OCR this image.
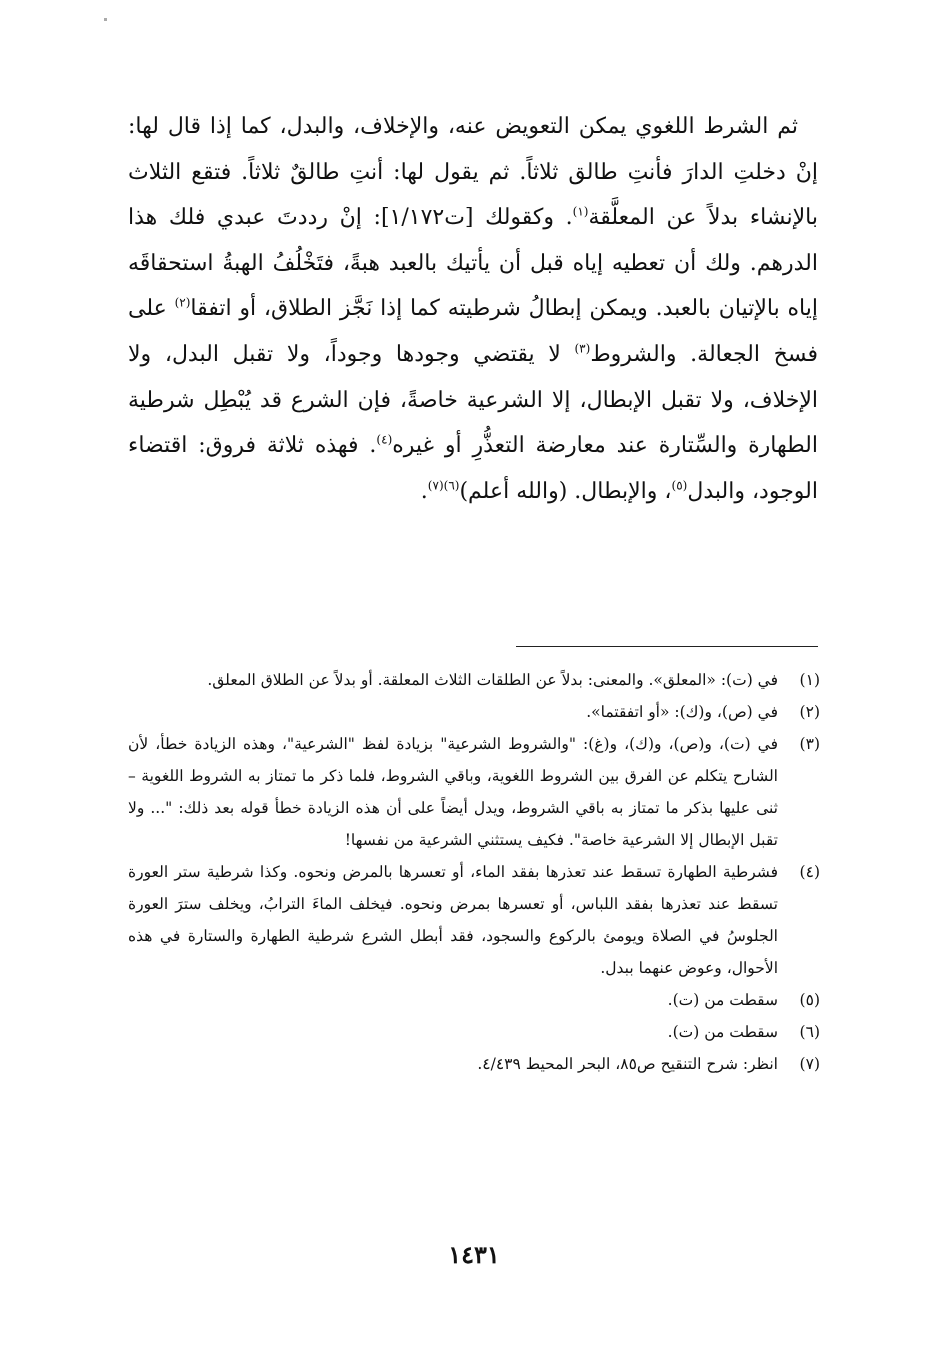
ثم الشرط اللغوي يمكن التعويض عنه، والإخلاف، والبدل، كما إذا قال لها: إنْ دخلتِ الدارَ فأنتِ طالق ثلاثاً. ثم يقول لها: أنتِ طالقٌ ثلاثاً. فتقع الثلاث بالإنشاء بدلاً عن المعلَّقة$^{(١)}$. وكقولك [ت١/١٧٢]: إنْ رددتَ عبدي فلك هذا الدرهم. ولك أن تعطيه إياه قبل أن يأتيك بالعبد هبةً، فتَخْلُفُ الهبةُ استحقاقَه إياه بالإتيان بالعبد. ويمكن إبطالُ شرطيته كما إذا نَجَّز الطلاق، أو اتفقا$^{(٢)}$ على فسخ الجعالة. والشروط$^{(٣)}$ لا يقتضي وجودها وجوداً، ولا تقبل البدل، ولا الإخلاف، ولا تقبل الإبطال، إلا الشرعية خاصةً، فإن الشرع قد يُبْطِل شرطية الطهارة والسِّتارة عند معارضة التعذُّرِ أو غيره$^{(٤)}$. فهذه ثلاثة فروق: اقتضاء الوجود، والبدل$^{(٥)}$، والإبطال. (والله أعلم)$^{(٦)(٧)}$.

(١)
في (ت): «المعلق». والمعنى: بدلاً عن الطلقات الثلاث المعلقة. أو بدلاً عن الطلاق المعلق.
(٢)
في (ص)، و(ك): «أو اتفقتما».
(٣)
في (ت)، و(ص)، و(ك)، و(غ): "والشروط الشرعية" بزيادة لفظ "الشرعية"، وهذه الزيادة خطأ، لأن الشارح يتكلم عن الفرق بين الشروط اللغوية، وباقي الشروط، فلما ذكر ما تمتاز به الشروط اللغوية – ثنى عليها بذكر ما تمتاز به باقي الشروط، ويدل أيضاً على أن هذه الزيادة خطأ قوله بعد ذلك: "... ولا تقبل الإبطال إلا الشرعية خاصة". فكيف يستثني الشرعية من نفسها!
(٤)
فشرطية الطهارة تسقط عند تعذرها بفقد الماء، أو تعسرها بالمرض ونحوه. وكذا شرطية ستر العورة تسقط عند تعذرها بفقد اللباس، أو تعسرها بمرض ونحوه. فيخلف الماءَ الترابُ، ويخلف سترَ العورة الجلوسُ في الصلاة ويومئ بالركوع والسجود، فقد أبطل الشرع شرطية الطهارة والستارة في هذه الأحوال، وعوض عنهما ببدل.
(٥)
سقطت من (ت).
(٦)
سقطت من (ت).
(٧)
انظر: شرح التنقيح ص٨٥، البحر المحيط ٤/٤٣٩.
١٤٣١
